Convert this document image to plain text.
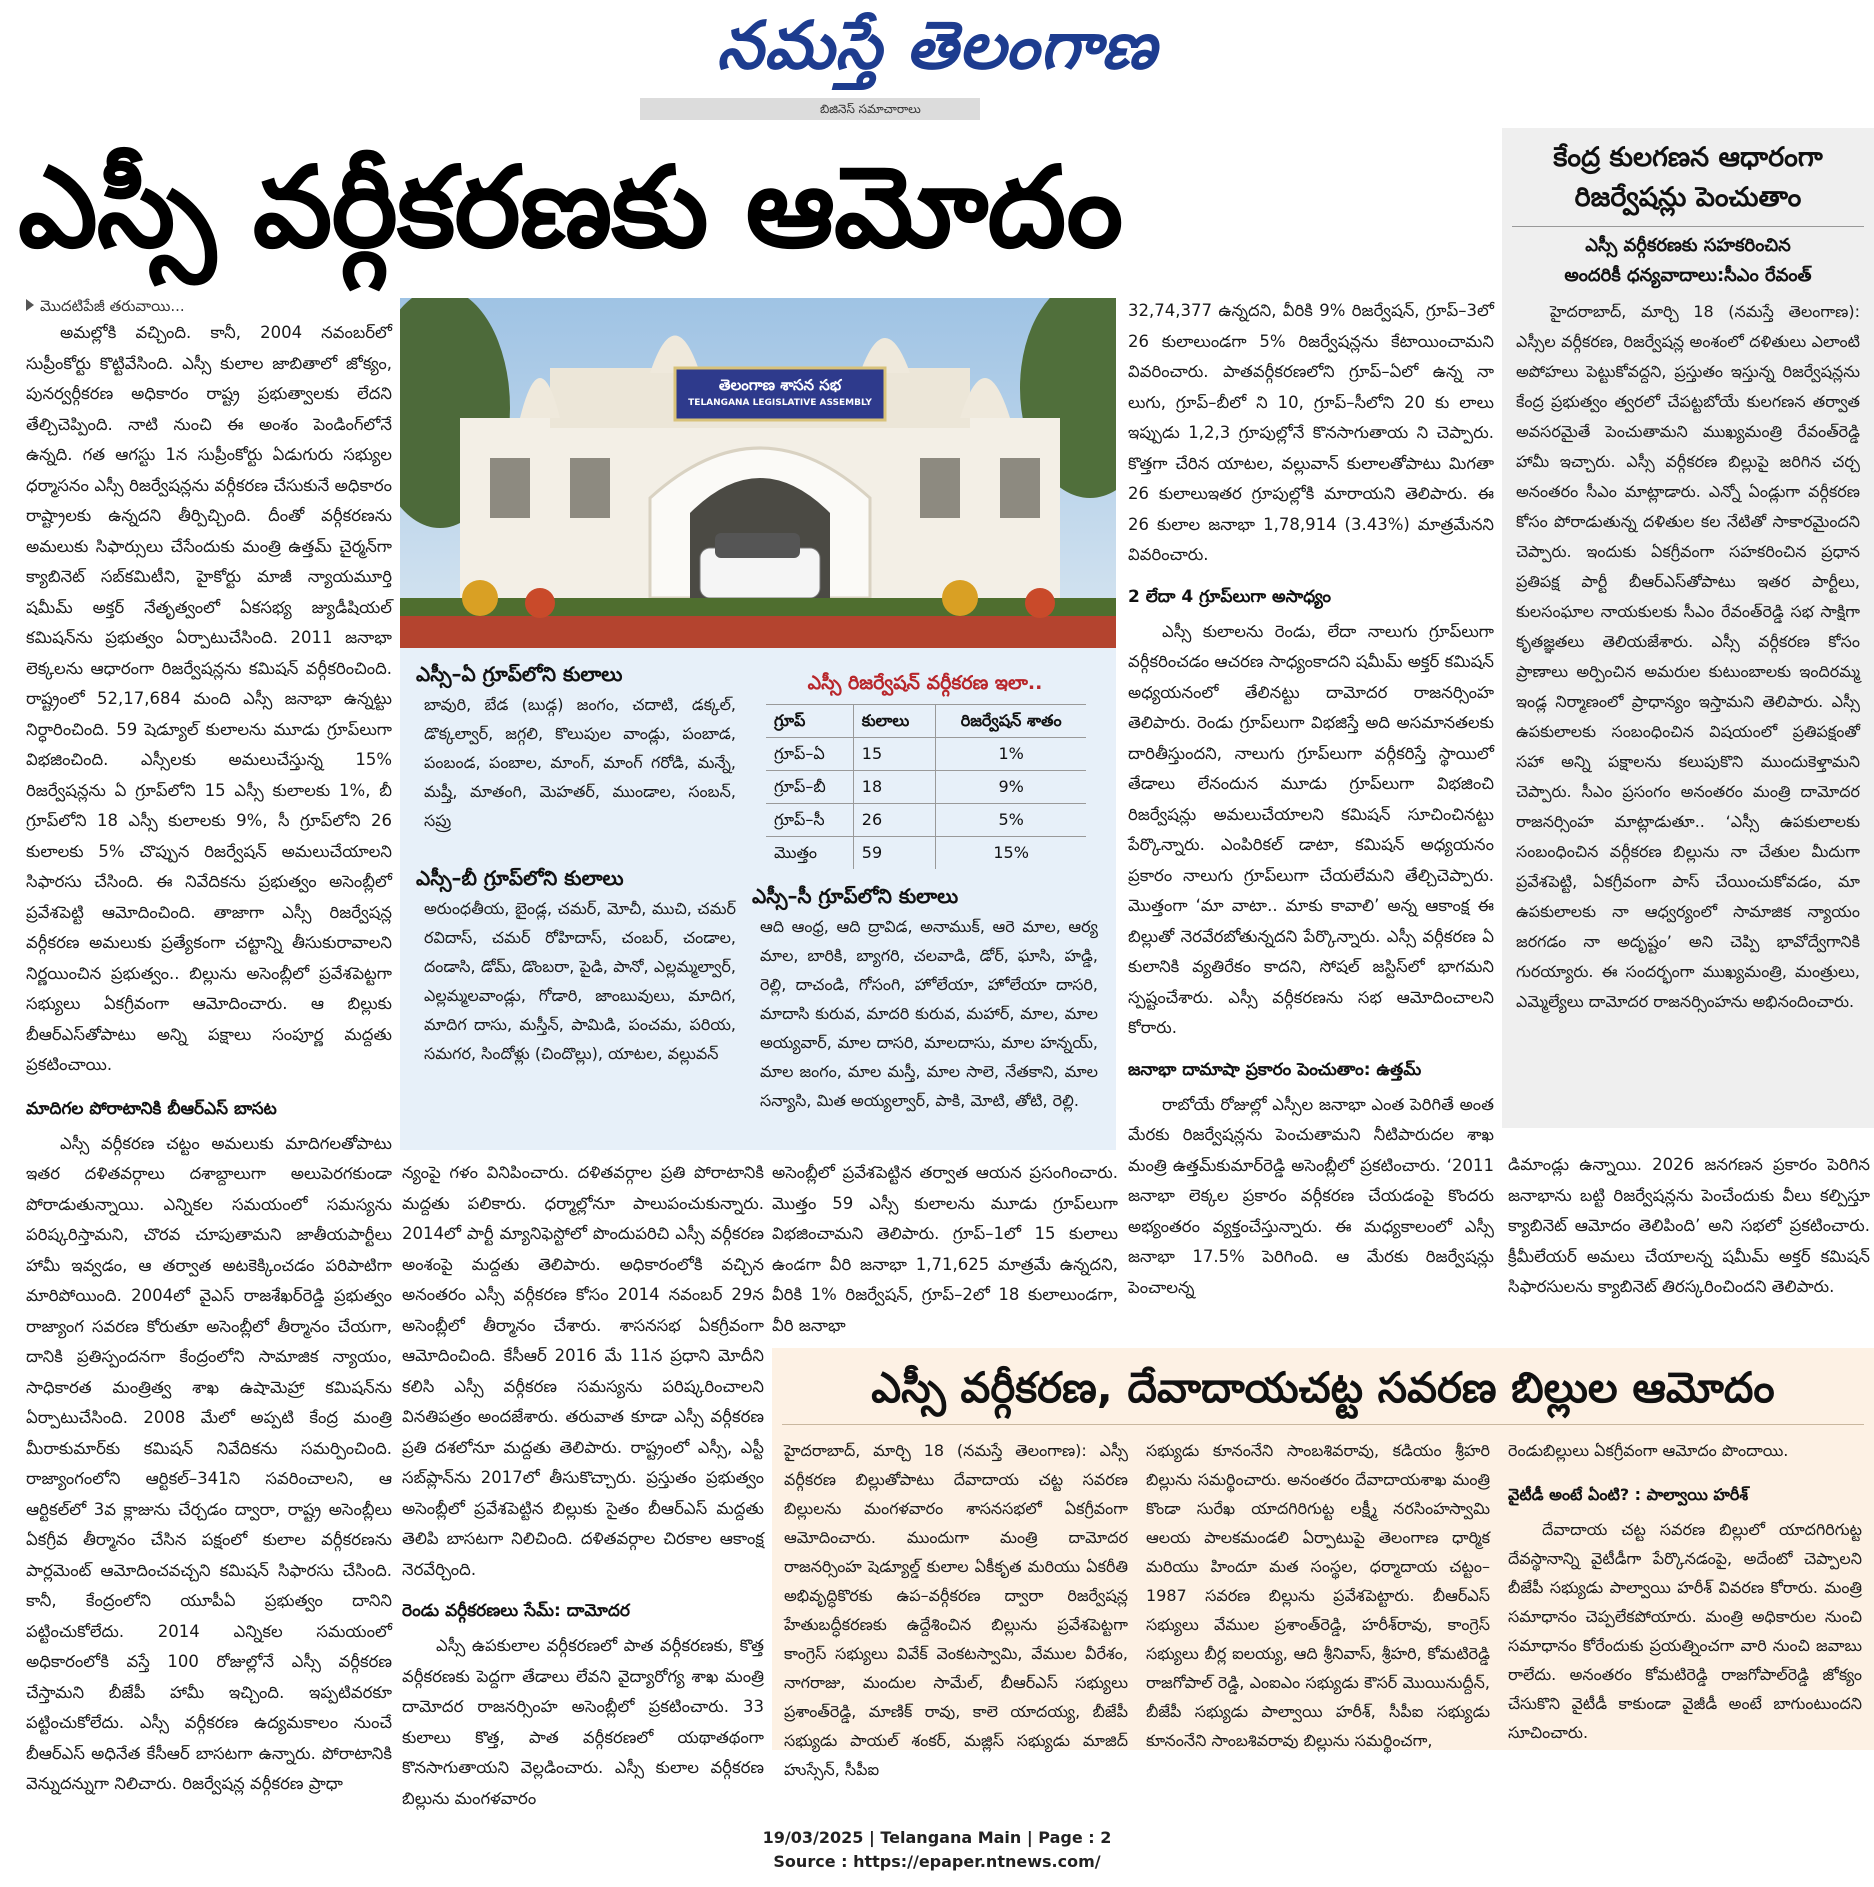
నమస్తే తెలంగాణ
బిజినెస్ సమాచారాలు
ఎస్సీ వర్గీకరణకు ఆమోదం	కేంద్ర కులగణన ఆధారంగా
రిజర్వేషన్లు పెంచుతాం
ఎస్సీ వర్గీకరణకు సహకరించిన
అందరికీ ధన్యవాదాలు:సీఎం రేవంత్

హైదరాబాద్, మార్చి 18 (నమస్తే తెలంగాణ): ఎస్సీల వర్గీకరణ, రిజర్వేషన్ల అంశంలో దళితులు ఎలాంటి అపోహలు పెట్టుకోవద్దని, ప్రస్తుతం ఇస్తున్న రిజర్వేషన్లను కేంద్ర ప్రభుత్వం త్వరలో చేపట్టబోయే కులగణన తర్వాత అవసరమైతే పెంచుతామని ముఖ్యమంత్రి రేవంత్‌రెడ్డి హామీ ఇచ్చారు. ఎస్సీ వర్గీకరణ బిల్లుపై జరిగిన చర్చ అనంతరం సీఎం మాట్లాడారు. ఎన్నో ఏండ్లుగా వర్గీకరణ కోసం పోరాడుతున్న దళితుల కల నేటితో సాకారమైందని చెప్పారు. ఇందుకు ఏకగ్రీవంగా సహకరించిన ప్రధాన ప్రతిపక్ష పార్టీ బీఆర్‌ఎస్‌తోపాటు ఇతర పార్టీలు, కులసంఘాల నాయకులకు సీఎం రేవంత్‌రెడ్డి సభ సాక్షిగా కృతజ్ఞతలు తెలియజేశారు. ఎస్సీ వర్గీకరణ కోసం ప్రాణాలు అర్పించిన అమరుల కుటుంబాలకు ఇందిరమ్మ ఇండ్ల నిర్మాణంలో ప్రాధాన్యం ఇస్తామని తెలిపారు. ఎస్సీ ఉపకులాలకు సంబంధించిన విషయంలో ప్రతిపక్షంతో సహా అన్ని పక్షాలను కలుపుకొని ముందుకెళ్తామని చెప్పారు. సీఎం ప్రసంగం అనంతరం మంత్రి దామోదర రాజనర్సింహ మాట్లాడుతూ.. ‘ఎస్సీ ఉపకులాలకు సంబంధించిన వర్గీకరణ బిల్లును నా చేతుల మీదుగా ప్రవేశపెట్టి, ఏకగ్రీవంగా పాస్ చేయించుకోవడం, మా ఉపకులాలకు నా ఆధ్వర్యంలో సామాజిక న్యాయం జరగడం నా అదృష్టం’ అని చెప్పి భావోద్వేగానికి గురయ్యారు. ఈ సందర్భంగా ముఖ్యమంత్రి, మంత్రులు, ఎమ్మెల్యేలు దామోదర రాజనర్సింహను అభినందించారు.

మొదటిపేజీ తరువాయి...

అమల్లోకి వచ్చింది. కానీ, 2004 నవంబర్‌లో సుప్రీంకోర్టు కొట్టివేసింది. ఎస్సీ కులాల జాబితాలో జోక్యం, పునర్వర్గీకరణ అధికారం రాష్ట్ర ప్రభుత్వాలకు లేదని తేల్చిచెప్పింది. నాటి నుంచి ఈ అంశం పెండింగ్‌లోనే ఉన్నది. గత ఆగస్టు 1న సుప్రీంకోర్టు ఏడుగురు సభ్యుల ధర్మాసనం ఎస్సీ రిజర్వేషన్లను వర్గీకరణ చేసుకునే అధికారం రాష్ట్రాలకు ఉన్నదని తీర్పిచ్చింది. దీంతో వర్గీకరణను అమలుకు సిఫార్సులు చేసేందుకు మంత్రి ఉత్తమ్ చైర్మన్‌గా క్యాబినెట్ సబ్‌కమిటీని, హైకోర్టు మాజీ న్యాయమూర్తి షమీమ్ అక్తర్ నేతృత్వంలో ఏకసభ్య జ్యుడీషియల్ కమిషన్‌ను ప్రభుత్వం ఏర్పాటుచేసింది. 2011 జనాభా లెక్కలను ఆధారంగా రిజర్వేషన్లను కమిషన్ వర్గీకరించింది. రాష్ట్రంలో 52,17,684 మంది ఎస్సీ జనాభా ఉన్నట్టు నిర్ధారించింది. 59 షెడ్యూల్ కులాలను మూడు గ్రూప్‌లుగా విభజించింది. ఎస్సీలకు అమలుచేస్తున్న 15% రిజర్వేషన్లను ఏ గ్రూప్‌లోని 15 ఎస్సీ కులాలకు 1%, బీ గ్రూప్‌లోని 18 ఎస్సీ కులాలకు 9%, సీ గ్రూప్‌లోని 26 కులాలకు 5% చొప్పున రిజర్వేషన్ అమలుచేయాలని సిఫారసు చేసింది. ఈ నివేదికను ప్రభుత్వం అసెంబ్లీలో ప్రవేశపెట్టి ఆమోదించింది. తాజాగా ఎస్సీ రిజర్వేషన్ల వర్గీకరణ అమలుకు ప్రత్యేకంగా చట్టాన్ని తీసుకురావాలని నిర్ణయించిన ప్రభుత్వం.. బిల్లును అసెంబ్లీలో ప్రవేశపెట్టగా సభ్యులు ఏకగ్రీవంగా ఆమోదించారు. ఆ బిల్లుకు బీఆర్‌ఎస్‌తోపాటు అన్ని పక్షాలు సంపూర్ణ మద్దతు ప్రకటించాయి.

మాదిగల పోరాటానికి బీఆర్‌ఎస్ బాసట

ఎస్సీ వర్గీకరణ చట్టం అమలుకు మాదిగలతోపాటు ఇతర దళితవర్గాలు దశాబ్దాలుగా అలుపెరగకుండా పోరాడుతున్నాయి. ఎన్నికల సమయంలో సమస్యను పరిష్కరిస్తామని, చొరవ చూపుతామని జాతీయపార్టీలు హామీ ఇవ్వడం, ఆ తర్వాత అటకెక్కించడం పరిపాటిగా మారిపోయింది. 2004లో వైఎస్ రాజశేఖర్‌రెడ్డి ప్రభుత్వం రాజ్యాంగ సవరణ కోరుతూ అసెంబ్లీలో తీర్మానం చేయగా, దానికి ప్రతిస్పందనగా కేంద్రంలోని సామాజిక న్యాయం, సాధికారత మంత్రిత్వ శాఖ ఉషామెహ్రా కమిషన్‌ను ఏర్పాటుచేసింది. 2008 మేలో అప్పటి కేంద్ర మంత్రి మీరాకుమార్‌కు కమిషన్ నివేదికను సమర్పించింది. రాజ్యాంగంలోని ఆర్టికల్–341ని సవరించాలని, ఆ ఆర్టికల్‌లో 3వ క్లాజును చేర్చడం ద్వారా, రాష్ట్ర అసెంబ్లీలు ఏకగ్రీవ తీర్మానం చేసిన పక్షంలో కులాల వర్గీకరణను పార్లమెంట్ ఆమోదించవచ్చని కమిషన్ సిఫారసు చేసింది. కానీ, కేంద్రంలోని యూపీఏ ప్రభుత్వం దానిని పట్టించుకోలేదు. 2014 ఎన్నికల సమయంలో అధికారంలోకి వస్తే 100 రోజుల్లోనే ఎస్సీ వర్గీకరణ చేస్తామని బీజేపీ హామీ ఇచ్చింది. ఇప్పటివరకూ పట్టించుకోలేదు. ఎస్సీ వర్గీకరణ ఉద్యమకాలం నుంచే బీఆర్‌ఎస్ అధినేత కేసీఆర్ బాసటగా ఉన్నారు. పోరాటానికి వెన్నుదన్నుగా నిలిచారు. రిజర్వేషన్ల వర్గీకరణ ప్రాధా

తెలంగాణ శాసన సభ
TELANGANA LEGISLATIVE ASSEMBLY
ఎస్సీ–ఏ గ్రూప్‌లోని కులాలు
బావురి, బేడ (బుడ్గ) జంగం, చదాటి, డక్కల్, డొక్కల్వార్, జగ్గలి, కొలుపుల వాండ్లు, పంబాడ, పంబండ, పంబాల, మాంగ్, మాంగ్ గరోడి, మన్నే, మష్తీ, మాతంగి, మెహతర్, ముండాల, సంబన్, సప్రు
ఎస్సీ–బీ గ్రూప్‌లోని కులాలు
అరుంధతీయ, బైండ్ల, చమర్, మోచీ, ముచి, చమర్ రవిదాస్, చమర్ రోహిదాస్, చంబర్, చండాల, దండాసి, డోమ్, డొంబరా, పైడి, పానో, ఎల్లమ్మల్వార్, ఎల్లమ్మలవాండ్లు, గోడారి, జాంబువులు, మాదిగ, మాదిగ దాసు, మస్తీన్, పామిడి, పంచమ, పరియ, సమగర, సిందోళ్లు (చిందొల్లు), యాటల, వల్లువన్
ఎస్సీ రిజర్వేషన్ వర్గీకరణ ఇలా..
గ్రూప్	కులాలు	రిజర్వేషన్ శాతం
గ్రూప్–ఏ	15	1%
గ్రూప్–బీ	18	9%
గ్రూప్–సీ	26	5%
మొత్తం	59	15%
ఎస్సీ–సీ గ్రూప్‌లోని కులాలు
ఆది ఆంధ్ర, ఆది ద్రావిడ, అనాముక్, ఆరె మాల, ఆర్య మాల, బారికి, బ్యాగరి, చలవాడి, డోర్, ఘాసి, హడ్డి, రెల్లి, దాచండి, గోసంగి, హోలేయా, హోలేయా దాసరి, మాదాసి కురువ, మాదరి కురువ, మహార్, మాల, మాల అయ్యవార్, మాల దాసరి, మాలదాసు, మాల హన్నయ్, మాల జంగం, మాల మస్తీ, మాల సాలె, నేతకాని, మాల సన్యాసి, మిత అయ్యల్వార్, పాకి, మోటి, తోటి, రెల్లి.

32,74,377 ఉన్నదని, వీరికి 9% రిజర్వేషన్, గ్రూప్–3లో 26 కులాలుండగా 5% రిజర్వేషన్లను కేటాయించామని వివరించారు. పాతవర్గీకరణలోని గ్రూప్–ఏలో ఉన్న నా లుగు, గ్రూప్–బీలో ని 10, గ్రూప్–సీలోని 20 కు లాలు ఇప్పుడు 1,2,3 గ్రూపుల్లోనే కొనసాగుతాయ ని చెప్పారు. కొత్తగా చేరిన యాటల, వల్లువాన్ కులాలతోపాటు మిగతా 26 కులాలుఇతర గ్రూపుల్లోకి మారాయని తెలిపారు. ఈ 26 కులాల జనాభా 1,78,914 (3.43%) మాత్రమేనని వివరించారు.

2 లేదా 4 గ్రూప్‌లుగా అసాధ్యం

ఎస్సీ కులాలను రెండు, లేదా నాలుగు గ్రూప్‌లుగా వర్గీకరించడం ఆచరణ సాధ్యంకాదని షమీమ్ అక్తర్ కమిషన్ అధ్యయనంలో తేలినట్టు దామోదర రాజనర్సింహ తెలిపారు. రెండు గ్రూప్‌లుగా విభజిస్తే అది అసమానతలకు దారితీస్తుందని, నాలుగు గ్రూప్‌లుగా వర్గీకరిస్తే స్థాయిలో తేడాలు లేనందున మూడు గ్రూప్‌లుగా విభజించి రిజర్వేషన్లు అమలుచేయాలని కమిషన్ సూచించినట్టు పేర్కొన్నారు. ఎంపిరికల్ డాటా, కమిషన్ అధ్యయనం ప్రకారం నాలుగు గ్రూప్‌లుగా చేయలేమని తేల్చిచెప్పారు. మొత్తంగా ‘మా వాటా.. మాకు కావాలి’ అన్న ఆకాంక్ష ఈ బిల్లుతో నెరవేరబోతున్నదని పేర్కొన్నారు. ఎస్సీ వర్గీకరణ ఏ కులానికి వ్యతిరేకం కాదని, సోషల్ జస్టిస్‌లో భాగమని స్పష్టంచేశారు. ఎస్సీ వర్గీకరణను సభ ఆమోదించాలని కోరారు.

జనాభా దామాషా ప్రకారం పెంచుతాం: ఉత్తమ్

రాబోయే రోజుల్లో ఎస్సీల జనాభా ఎంత పెరిగితే అంత మేరకు రిజర్వేషన్లను పెంచుతామని నీటిపారుదల శాఖ మంత్రి ఉత్తమ్‌కుమార్‌రెడ్డి అసెంబ్లీలో ప్రకటించారు. ‘2011 జనాభా లెక్కల ప్రకారం వర్గీకరణ చేయడంపై కొందరు అభ్యంతరం వ్యక్తంచేస్తున్నారు. ఈ మధ్యకాలంలో ఎస్సీ జనాభా 17.5% పెరిగింది. ఆ మేరకు రిజర్వేషన్లు పెంచాలన్న

డిమాండ్లు ఉన్నాయి. 2026 జనగణన ప్రకారం పెరిగిన జనాభాను బట్టి రిజర్వేషన్లను పెంచేందుకు వీలు కల్పిస్తూ క్యాబినెట్ ఆమోదం తెలిపింది’ అని సభలో ప్రకటించారు. క్రీమీలేయర్ అమలు చేయాలన్న షమీమ్ అక్తర్ కమిషన్ సిఫారసులను క్యాబినెట్ తిరస్కరించిందని తెలిపారు.

న్యంపై గళం వినిపించారు. దళితవర్గాల ప్రతి పోరాటానికి మద్దతు పలికారు. ధర్మాల్లోనూ పాలుపంచుకున్నారు. 2014లో పార్టీ మ్యానిఫెస్టోలో పొందుపరిచి ఎస్సీ వర్గీకరణ అంశంపై మద్దతు తెలిపారు. అధికారంలోకి వచ్చిన అనంతరం ఎస్సీ వర్గీకరణ కోసం 2014 నవంబర్ 29న అసెంబ్లీలో తీర్మానం చేశారు. శాసనసభ ఏకగ్రీవంగా ఆమోదించింది. కేసీఆర్ 2016 మే 11న ప్రధాని మోదీని కలిసి ఎస్సీ వర్గీకరణ సమస్యను పరిష్కరించాలని వినతిపత్రం అందజేశారు. తరువాత కూడా ఎస్సీ వర్గీకరణ ప్రతి దశలోనూ మద్దతు తెలిపారు. రాష్ట్రంలో ఎస్సీ, ఎస్టీ సబ్‌ప్లాన్‌ను 2017లో తీసుకొచ్చారు. ప్రస్తుతం ప్రభుత్వం అసెంబ్లీలో ప్రవేశపెట్టిన బిల్లుకు సైతం బీఆర్‌ఎస్ మద్దతు తెలిపి బాసటగా నిలిచింది. దళితవర్గాల చిరకాల ఆకాంక్ష నెరవేర్చింది.

రెండు వర్గీకరణలు సేమ్: దామోదర

ఎస్సీ ఉపకులాల వర్గీకరణలో పాత వర్గీకరణకు, కొత్త వర్గీకరణకు పెద్దగా తేడాలు లేవని వైద్యారోగ్య శాఖ మంత్రి దామోదర రాజనర్సింహ అసెంబ్లీలో ప్రకటించారు. 33 కులాలు కొత్త, పాత వర్గీకరణలో యథాతథంగా కొనసాగుతాయని వెల్లడించారు. ఎస్సీ కులాల వర్గీకరణ బిల్లును మంగళవారం

అసెంబ్లీలో ప్రవేశపెట్టిన తర్వాత ఆయన ప్రసంగించారు. మొత్తం 59 ఎస్సీ కులాలను మూడు గ్రూప్‌లుగా విభజించామని తెలిపారు. గ్రూప్–1లో 15 కులాలు ఉండగా వీరి జనాభా 1,71,625 మాత్రమే ఉన్నదని, వీరికి 1% రిజర్వేషన్, గ్రూప్–2లో 18 కులాలుండగా, వీరి జనాభా

ఎస్సీ వర్గీకరణ, దేవాదాయచట్ట సవరణ బిల్లుల ఆమోదం
హైదరాబాద్, మార్చి 18 (నమస్తే తెలంగాణ): ఎస్సీ వర్గీకరణ బిల్లుతోపాటు దేవాదాయ చట్ట సవరణ బిల్లులను మంగళవారం శాసనసభలో ఏకగ్రీవంగా ఆమోదించారు. ముందుగా మంత్రి దామోదర రాజనర్సింహ షెడ్యూల్డ్ కులాల ఏకీకృత మరియు ఏకరీతి అభివృద్ధికొరకు ఉప–వర్గీకరణ ద్వారా రిజర్వేషన్ల హేతుబద్ధీకరణకు ఉద్దేశించిన బిల్లును ప్రవేశపెట్టగా కాంగ్రెస్ సభ్యులు వివేక్ వెంకటస్వామి, వేముల వీరేశం, నాగరాజు, మందుల సామేల్, బీఆర్‌ఎస్ సభ్యులు ప్రశాంత్‌రెడ్డి, మాణిక్ రావు, కాలె యాదయ్య, బీజేపీ సభ్యుడు పాయల్ శంకర్, మజ్లిస్ సభ్యుడు మాజిద్ హుస్సేన్, సీపీఐ
సభ్యుడు కూనంనేని సాంబశివరావు, కడియం శ్రీహరి బిల్లును సమర్థించారు. అనంతరం దేవాదాయశాఖ మంత్రి కొండా సురేఖ యాదగిరిగుట్ట లక్ష్మీ నరసింహస్వామి ఆలయ పాలకమండలి ఏర్పాటుపై తెలంగాణ ధార్మిక మరియు హిందూ మత సంస్థల, ధర్మాదాయ చట్టం–1987 సవరణ బిల్లును ప్రవేశపెట్టారు. బీఆర్‌ఎస్ సభ్యులు వేముల ప్రశాంత్‌రెడ్డి, హరీశ్‌రావు, కాంగ్రెస్ సభ్యులు బీర్ల ఐలయ్య, ఆది శ్రీనివాస్, శ్రీహరి, కోమటిరెడ్డి రాజగోపాల్ రెడ్డి, ఎంఐఎం సభ్యుడు కౌసర్ మొయినుద్దీన్, బీజేపీ సభ్యుడు పాల్వాయి హరీశ్, సీపీఐ సభ్యుడు కూనంనేని సాంబశివరావు బిల్లును సమర్థించగా,
రెండుబిల్లులు ఏకగ్రీవంగా ఆమోదం పొందాయి.
వైటీడీ అంటే ఏంటి? : పాల్వాయి హరీశ్

దేవాదాయ చట్ట సవరణ బిల్లులో యాదగిరిగుట్ట దేవస్థానాన్ని వైటీడీగా పేర్కొనడంపై, అదేంటో చెప్పాలని బీజేపీ సభ్యుడు పాల్వాయి హరీశ్ వివరణ కోరారు. మంత్రి సమాధానం చెప్పలేకపోయారు. మంత్రి అధికారుల నుంచి సమాధానం కోరేందుకు ప్రయత్నించగా వారి నుంచి జవాబు రాలేదు. అనంతరం కోమటిరెడ్డి రాజగోపాల్‌రెడ్డి జోక్యం చేసుకొని వైటీడీ కాకుండా వైజీడీ అంటే బాగుంటుందని సూచించారు.

19/03/2025 | Telangana Main | Page : 2
Source : https://epaper.ntnews.com/
